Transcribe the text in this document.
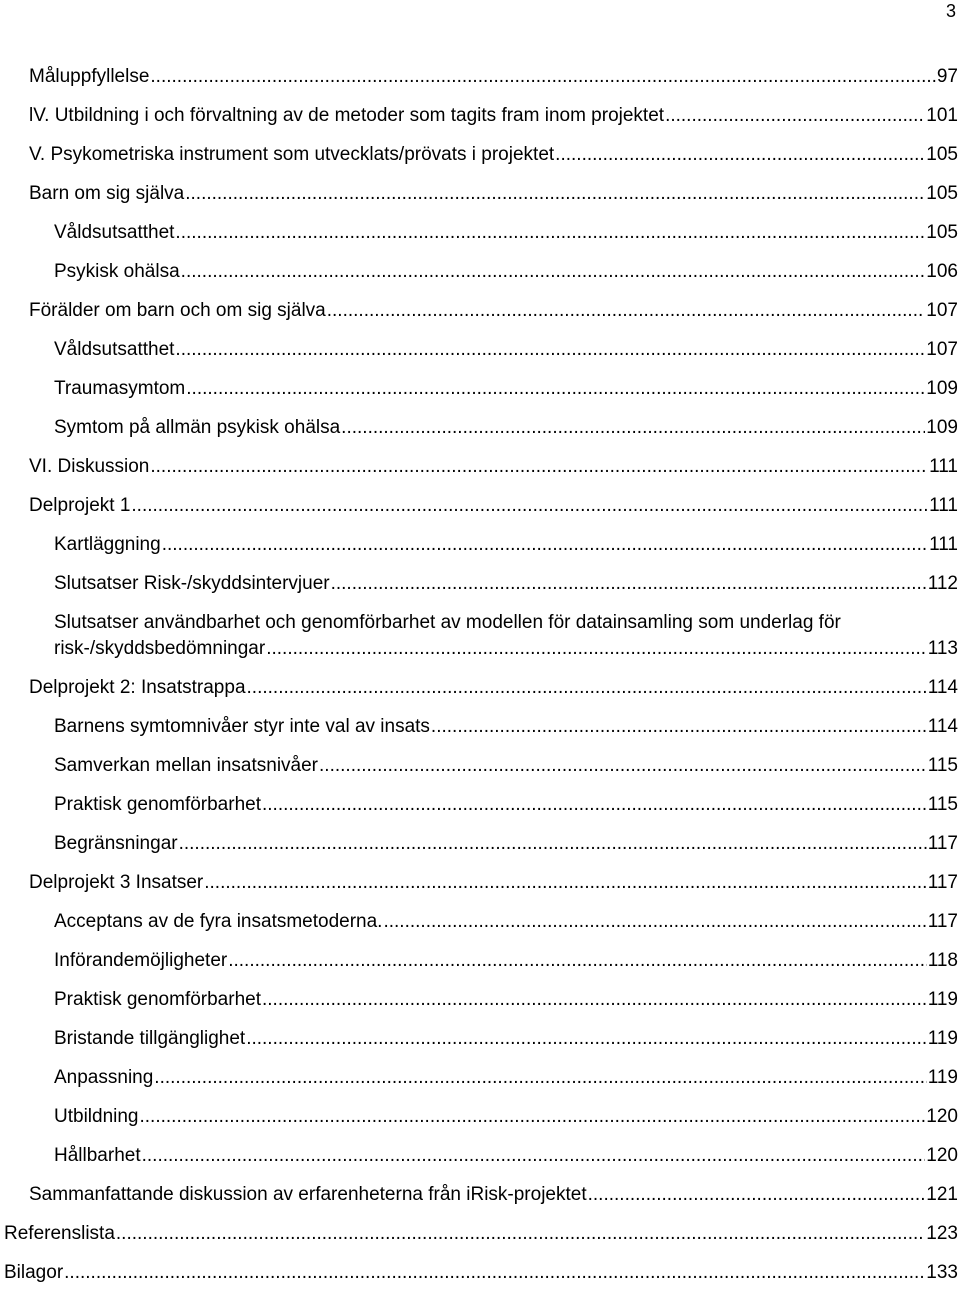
3
Måluppfyllelse .....	97
lV. Utbildning i och förvaltning av de metoder som tagits fram inom projektet .....	101
V. Psykometriska instrument som utvecklats/prövats i projektet .....	105
Barn om sig själva .....	105
Våldsutsatthet .....	105
Psykisk ohälsa .....	106
Förälder om barn och om sig själva .....	107
Våldsutsatthet .....	107
Traumasymtom .....	109
Symtom på allmän psykisk ohälsa .....	109
VI. Diskussion .....	111
Delprojekt 1 .....	111
Kartläggning .....	111
Slutsatser Risk-/skyddsintervjuer .....	112
Slutsatser användbarhet och genomförbarhet av modellen för datainsamling som underlag för
risk-/skyddsbedömningar .....	113
Delprojekt 2: Insatstrappa .....	114
Barnens symtomnivåer styr inte val av insats .....	114
Samverkan mellan insatsnivåer .....	115
Praktisk genomförbarhet .....	115
Begränsningar .....	117
Delprojekt 3 Insatser .....	117
Acceptans av de fyra insatsmetoderna. .....	117
Införandemöjligheter .....	118
Praktisk genomförbarhet .....	119
Bristande tillgänglighet .....	119
Anpassning .....	119
Utbildning .....	120
Hållbarhet .....	120
Sammanfattande diskussion av erfarenheterna från iRisk-projektet .....	121
Referenslista .....	123
Bilagor .....	133
